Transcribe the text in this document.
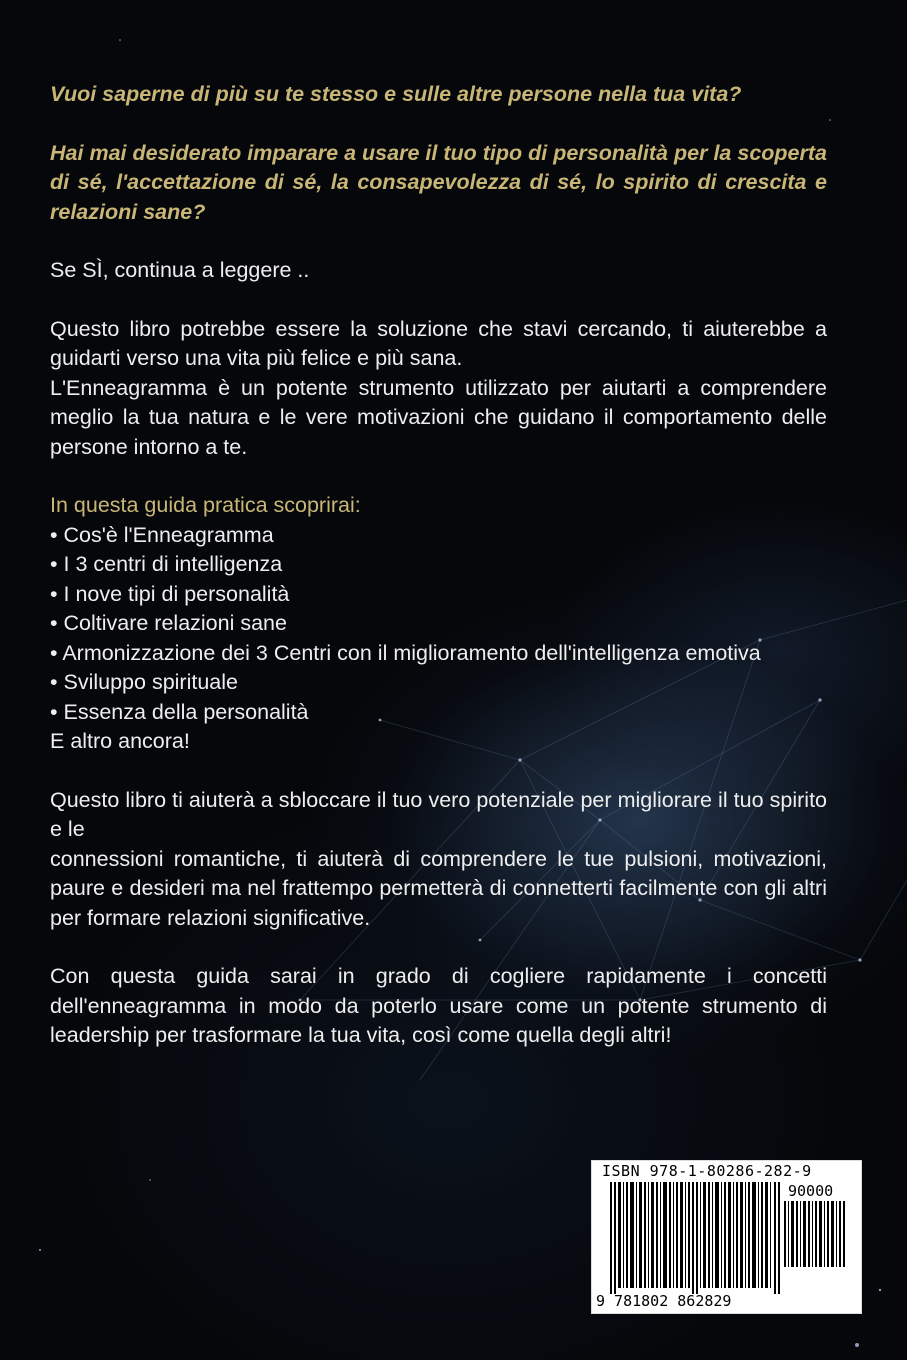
Vuoi saperne di più su te stesso e sulle altre persone nella tua vita?

Hai mai desiderato imparare a usare il tuo tipo di personalità per la scoperta di sé, l'accettazione di sé, la consapevolezza di sé, lo spirito di crescita e relazioni sane?

Se SÌ, continua a leggere ..

Questo libro potrebbe essere la soluzione che stavi cercando, ti aiuterebbe a guidarti verso una vita più felice e più sana.

L'Enneagramma è un potente strumento utilizzato per aiutarti a comprendere meglio la tua natura e le vere motivazioni che guidano il comportamento delle persone intorno a te.

In questa guida pratica scoprirai:

• Cos'è l'Enneagramma

• I 3 centri di intelligenza

• I nove tipi di personalità

• Coltivare relazioni sane

• Armonizzazione dei 3 Centri con il miglioramento dell'intelligenza emotiva

• Sviluppo spirituale

• Essenza della personalità

E altro ancora!

Questo libro ti aiuterà a sbloccare il tuo vero potenziale per migliorare il tuo spirito e le

connessioni romantiche, ti aiuterà di comprendere le tue pulsioni, motivazioni, paure e desideri ma nel frattempo permetterà di connetterti facilmente con gli altri per formare relazioni significative.

Con questa guida sarai in grado di cogliere rapidamente i concetti dell'enneagramma in modo da poterlo usare come un potente strumento di leadership per trasformare la tua vita, così come quella degli altri!

ISBN 978-1-80286-282-9
90000
9 781802 862829
